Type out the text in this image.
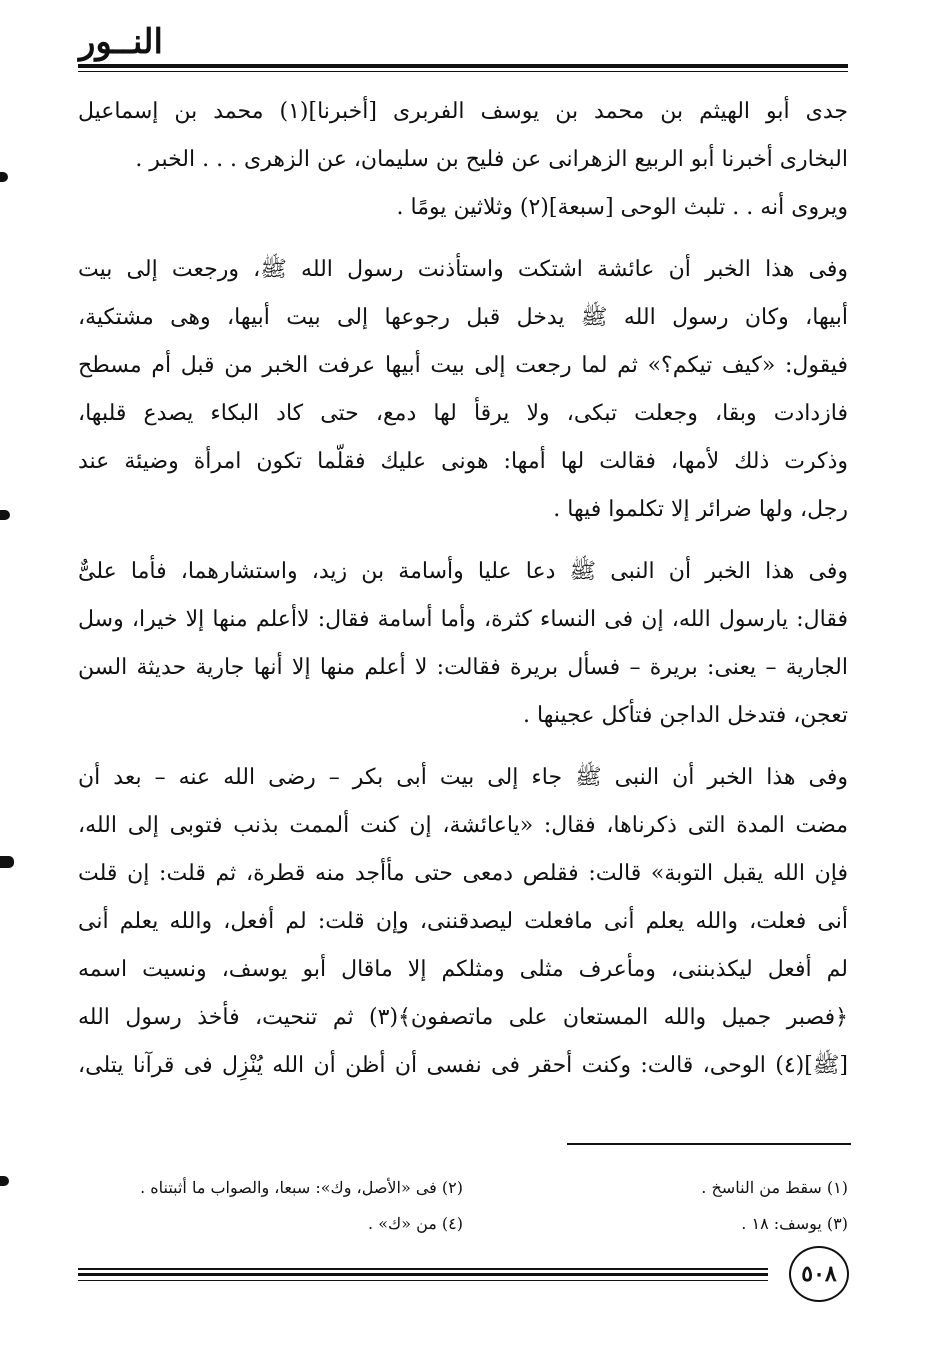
النــور
جدى أبو الهيثم بن محمد بن يوسف الفربرى [أخبرنا](١) محمد بن إسماعيل
البخارى أخبرنا أبو الربيع الزهرانى عن فليح بن سليمان، عن الزهرى . . . الخبر .
ويروى أنه . . تلبث الوحى [سبعة](٢) وثلاثين يومًا .
وفى هذا الخبر أن عائشة اشتكت واستأذنت رسول الله ﷺ، ورجعت إلى بيت
أبيها، وكان رسول الله ﷺ يدخل قبل رجوعها إلى بيت أبيها، وهى مشتكية،
فيقول: «كيف تيكم؟» ثم لما رجعت إلى بيت أبيها عرفت الخبر من قبل أم مسطح
فازدادت وبقا، وجعلت تبكى، ولا يرقأ لها دمع، حتى كاد البكاء يصدع قلبها،
وذكرت ذلك لأمها، فقالت لها أمها: هونى عليك فقلّما تكون امرأة وضيئة عند
رجل، ولها ضرائر إلا تكلموا فيها .
وفى هذا الخبر أن النبى ﷺ دعا عليا وأسامة بن زيد، واستشارهما، فأما علىٌّ
فقال: يارسول الله، إن فى النساء كثرة، وأما أسامة فقال: لاأعلم منها إلا خيرا، وسل
الجارية – يعنى: بريرة – فسأل بريرة فقالت: لا أعلم منها إلا أنها جارية حديثة السن
تعجن، فتدخل الداجن فتأكل عجينها .
وفى هذا الخبر أن النبى ﷺ جاء إلى بيت أبى بكر – رضى الله عنه – بعد أن
مضت المدة التى ذكرناها، فقال: «ياعائشة، إن كنت ألممت بذنب فتوبى إلى الله،
فإن الله يقبل التوبة» قالت: فقلص دمعى حتى مأأجد منه قطرة، ثم قلت: إن قلت
أنى فعلت، والله يعلم أنى مافعلت ليصدقننى، وإن قلت: لم أفعل، والله يعلم أنى
لم أفعل ليكذبننى، ومأعرف مثلى ومثلكم إلا ماقال أبو يوسف، ونسيت اسمه
﴿فصبر جميل والله المستعان على ماتصفون﴾(٣) ثم تنحيت، فأخذ رسول الله
[ﷺ](٤) الوحى، قالت: وكنت أحقر فى نفسى أن أظن أن الله يُنْزِل فى قرآنا يتلى،
(١) سقط من الناسخ .
(٢) فى «الأصل، وك»: سبعا، والصواب ما أثبتناه .
(٣) يوسف: ١٨ .
(٤) من «ك» .
٥٠٨
